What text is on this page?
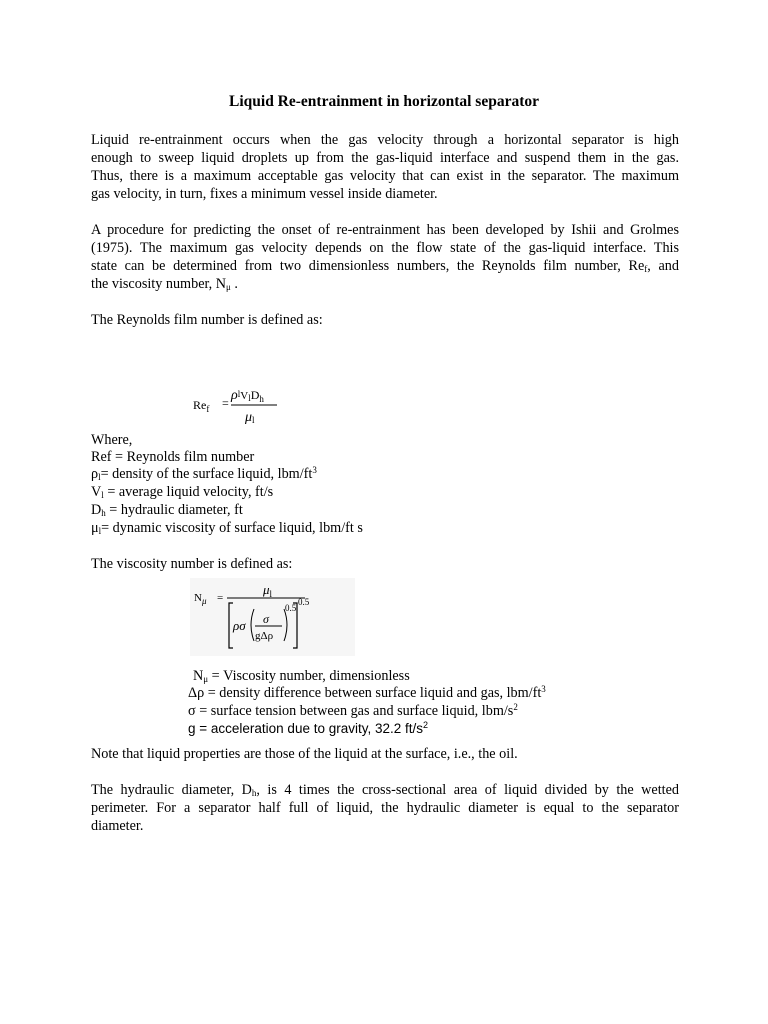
Liquid Re-entrainment in horizontal separator
Liquid re-entrainment occurs when the gas velocity through a horizontal separator is high
enough to sweep liquid droplets up from the gas-liquid interface and suspend them in the gas.
Thus, there is a maximum acceptable gas velocity that can exist in the separator. The maximum
gas velocity, in turn, fixes a minimum vessel inside diameter.
A procedure for predicting the onset of re-entrainment has been developed by Ishii and Grolmes
(1975). The maximum gas velocity depends on the flow state of the gas-liquid interface. This
state can be determined from two dimensionless numbers, the Reynolds film number, $Re_f$, and
the viscosity number, $N_\mu$ .
The Reynolds film number is defined as:
$Re_f$ = ρlVlD$_h$
μl
Where,
Ref = Reynolds film number
$\rho_l=$ density of the surface liquid, lbm/$ft^3$
$V_l$ = average liquid velocity, ft/s
$D_h$ = hydraulic diameter, ft
$\mu_l=$ dynamic viscosity of surface liquid, lbm/ft s
The viscosity number is defined as:
$N_\mu$ =
$\mu_l$
ρσ σ
gΔρ
0.5
0.5
$N_\mu$ = Viscosity number, dimensionless
Δρ = density difference between surface liquid and gas, lbm/$ft^3$
σ = surface tension between gas and surface liquid, lbm/$s^2$
g = acceleration due to gravity, 32.2 $ft/s^2$
Note that liquid properties are those of the liquid at the surface, i.e., the oil.
The hydraulic diameter, $D_h$, is 4 times the cross-sectional area of liquid divided by the wetted
perimeter. For a separator half full of liquid, the hydraulic diameter is equal to the separator
diameter.
